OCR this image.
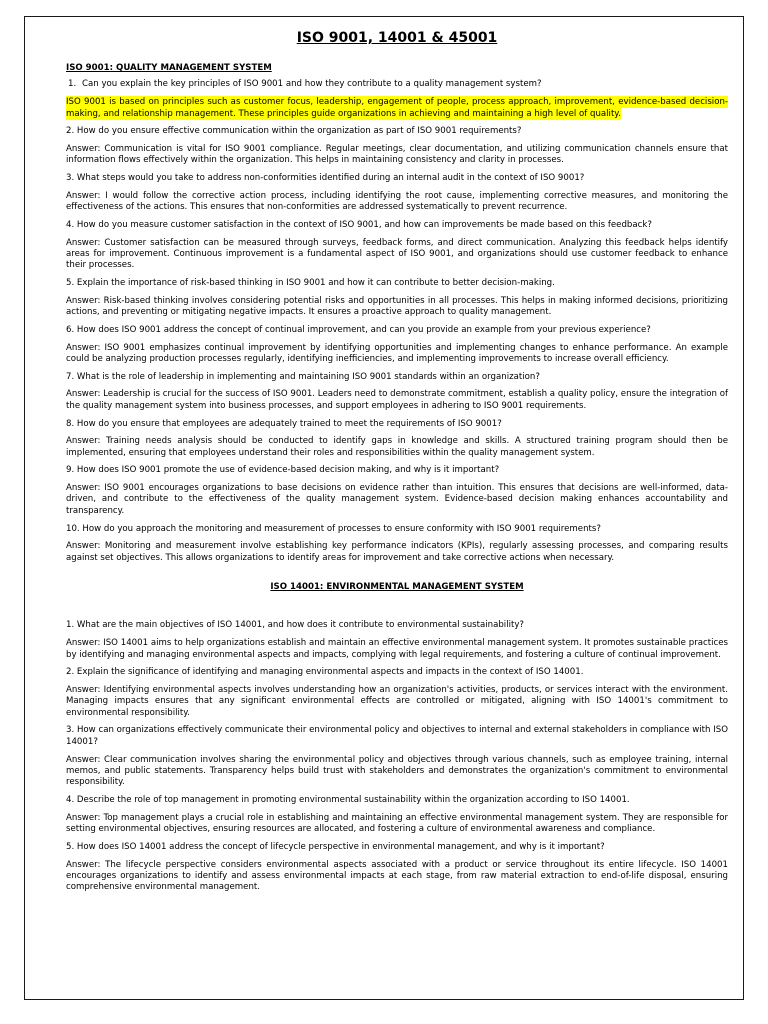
ISO 9001, 14001 & 45001
ISO 9001: QUALITY MANAGEMENT SYSTEM
1. Can you explain the key principles of ISO 9001 and how they contribute to a quality management system?
ISO 9001 is based on principles such as customer focus, leadership, engagement of people, process approach, improvement, evidence-based decision-making, and relationship management. These principles guide organizations in achieving and maintaining a high level of quality.
2. How do you ensure effective communication within the organization as part of ISO 9001 requirements?
Answer: Communication is vital for ISO 9001 compliance. Regular meetings, clear documentation, and utilizing communication channels ensure that information flows effectively within the organization. This helps in maintaining consistency and clarity in processes.
3. What steps would you take to address non-conformities identified during an internal audit in the context of ISO 9001?
Answer: I would follow the corrective action process, including identifying the root cause, implementing corrective measures, and monitoring the effectiveness of the actions. This ensures that non-conformities are addressed systematically to prevent recurrence.
4. How do you measure customer satisfaction in the context of ISO 9001, and how can improvements be made based on this feedback?
Answer: Customer satisfaction can be measured through surveys, feedback forms, and direct communication. Analyzing this feedback helps identify areas for improvement. Continuous improvement is a fundamental aspect of ISO 9001, and organizations should use customer feedback to enhance their processes.
5. Explain the importance of risk-based thinking in ISO 9001 and how it can contribute to better decision-making.
Answer: Risk-based thinking involves considering potential risks and opportunities in all processes. This helps in making informed decisions, prioritizing actions, and preventing or mitigating negative impacts. It ensures a proactive approach to quality management.
6. How does ISO 9001 address the concept of continual improvement, and can you provide an example from your previous experience?
Answer: ISO 9001 emphasizes continual improvement by identifying opportunities and implementing changes to enhance performance. An example could be analyzing production processes regularly, identifying inefficiencies, and implementing improvements to increase overall efficiency.
7. What is the role of leadership in implementing and maintaining ISO 9001 standards within an organization?
Answer: Leadership is crucial for the success of ISO 9001. Leaders need to demonstrate commitment, establish a quality policy, ensure the integration of the quality management system into business processes, and support employees in adhering to ISO 9001 requirements.
8. How do you ensure that employees are adequately trained to meet the requirements of ISO 9001?
Answer: Training needs analysis should be conducted to identify gaps in knowledge and skills. A structured training program should then be implemented, ensuring that employees understand their roles and responsibilities within the quality management system.
9. How does ISO 9001 promote the use of evidence-based decision making, and why is it important?
Answer: ISO 9001 encourages organizations to base decisions on evidence rather than intuition. This ensures that decisions are well-informed, data-driven, and contribute to the effectiveness of the quality management system. Evidence-based decision making enhances accountability and transparency.
10. How do you approach the monitoring and measurement of processes to ensure conformity with ISO 9001 requirements?
Answer: Monitoring and measurement involve establishing key performance indicators (KPIs), regularly assessing processes, and comparing results against set objectives. This allows organizations to identify areas for improvement and take corrective actions when necessary.
ISO 14001: ENVIRONMENTAL MANAGEMENT SYSTEM
1. What are the main objectives of ISO 14001, and how does it contribute to environmental sustainability?
Answer: ISO 14001 aims to help organizations establish and maintain an effective environmental management system. It promotes sustainable practices by identifying and managing environmental aspects and impacts, complying with legal requirements, and fostering a culture of continual improvement.
2. Explain the significance of identifying and managing environmental aspects and impacts in the context of ISO 14001.
Answer: Identifying environmental aspects involves understanding how an organization's activities, products, or services interact with the environment. Managing impacts ensures that any significant environmental effects are controlled or mitigated, aligning with ISO 14001's commitment to environmental responsibility.
3. How can organizations effectively communicate their environmental policy and objectives to internal and external stakeholders in compliance with ISO 14001?
Answer: Clear communication involves sharing the environmental policy and objectives through various channels, such as employee training, internal memos, and public statements. Transparency helps build trust with stakeholders and demonstrates the organization's commitment to environmental responsibility.
4. Describe the role of top management in promoting environmental sustainability within the organization according to ISO 14001.
Answer: Top management plays a crucial role in establishing and maintaining an effective environmental management system. They are responsible for setting environmental objectives, ensuring resources are allocated, and fostering a culture of environmental awareness and compliance.
5. How does ISO 14001 address the concept of lifecycle perspective in environmental management, and why is it important?
Answer: The lifecycle perspective considers environmental aspects associated with a product or service throughout its entire lifecycle. ISO 14001 encourages organizations to identify and assess environmental impacts at each stage, from raw material extraction to end-of-life disposal, ensuring comprehensive environmental management.
